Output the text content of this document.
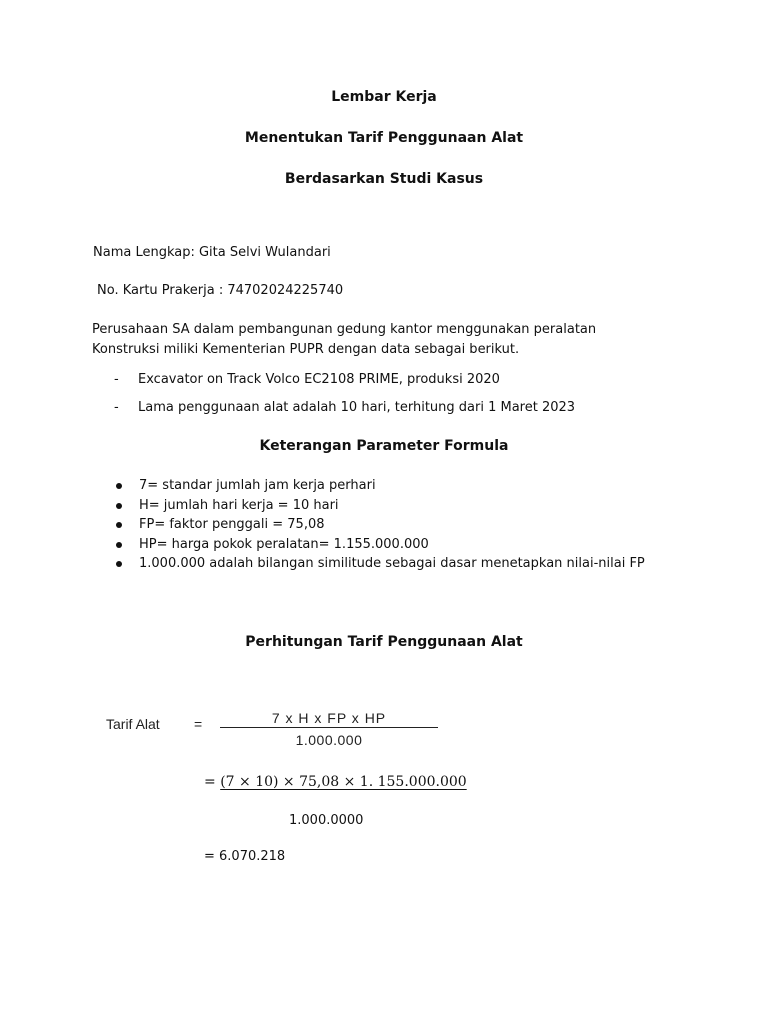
Lembar Kerja
Menentukan Tarif Penggunaan Alat
Berdasarkan Studi Kasus
Nama Lengkap: Gita Selvi Wulandari
No. Kartu Prakerja : 74702024225740
Perusahaan SA dalam pembangunan gedung kantor menggunakan peralatan Konstruksi miliki Kementerian PUPR dengan data sebagai berikut.
- Excavator on Track Volco EC2108 PRIME, produksi 2020
- Lama penggunaan alat adalah 10 hari, terhitung dari 1 Maret 2023
Keterangan Parameter Formula
7= standar jumlah jam kerja perhari
H= jumlah hari kerja = 10 hari
FP= faktor penggali = 75,08
HP= harga pokok peralatan= 1.155.000.000
1.000.000 adalah bilangan similitude sebagai dasar menetapkan nilai-nilai FP
Perhitungan Tarif Penggunaan Alat
Tarif Alat =	7 x H x FP x HP
1.000.000
= (7 × 10) × 75,08 × 1. 155.000.000
1.000.0000
= 6.070.218
